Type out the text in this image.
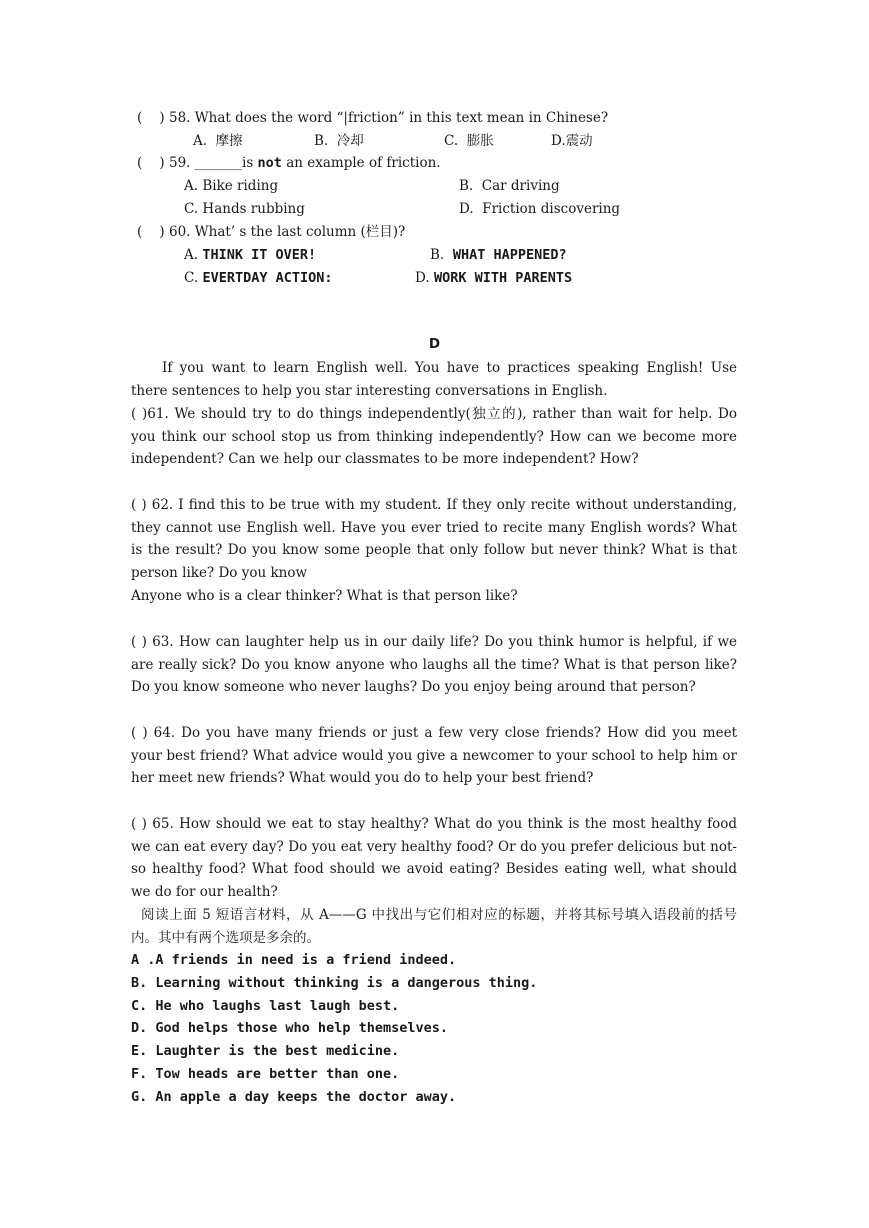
(    ) 58. What does the word “|friction” in this text mean in Chinese?
A.  摩擦	B.  冷却	C.  膨胀	D.震动
(    ) 59. _______is not an example of friction.
A. Bike riding	B.  Car driving
C. Hands rubbing	D.  Friction discovering
(    ) 60. What’ s the last column (栏目)?
A. THINK IT OVER!	B. WHAT HAPPENED?
C. EVERTDAY ACTION:	D. WORK WITH PARENTS
D
If you want to learn English well. You have to practices speaking English! Use there sentences to help you star interesting conversations in English.
( )61. We should try to do things independently(独立的), rather than wait for help. Do you think our school stop us from thinking independently? How can we become more independent? Can we help our classmates to be more independent? How?
( ) 62. I find this to be true with my student. If they only recite without understanding, they cannot use English well. Have you ever tried to recite many English words? What is the result? Do you know some people that only follow but never think? What is that person like? Do you know
Anyone who is a clear thinker? What is that person like?
( ) 63. How can laughter help us in our daily life? Do you think humor is helpful, if we are really sick? Do you know anyone who laughs all the time? What is that person like? Do you know someone who never laughs? Do you enjoy being around that person?
( ) 64. Do you have many friends or just a few very close friends? How did you meet your best friend? What advice would you give a newcomer to your school to help him or her meet new friends? What would you do to help your best friend?
( ) 65. How should we eat to stay healthy? What do you think is the most healthy food we can eat every day? Do you eat very healthy food? Or do you prefer delicious but not-so healthy food? What food should we avoid eating? Besides eating well, what should we do for our health?
阅读上面 5 短语言材料，从 A——G 中找出与它们相对应的标题，并将其标号填入语段前的括号内。其中有两个选项是多余的。
A .A friends in need is a friend indeed.
B. Learning without thinking is a dangerous thing.
C. He who laughs last laugh best.
D. God helps those who help themselves.
E. Laughter is the best medicine.
F. Tow heads are better than one.
G. An apple a day keeps the doctor away.
